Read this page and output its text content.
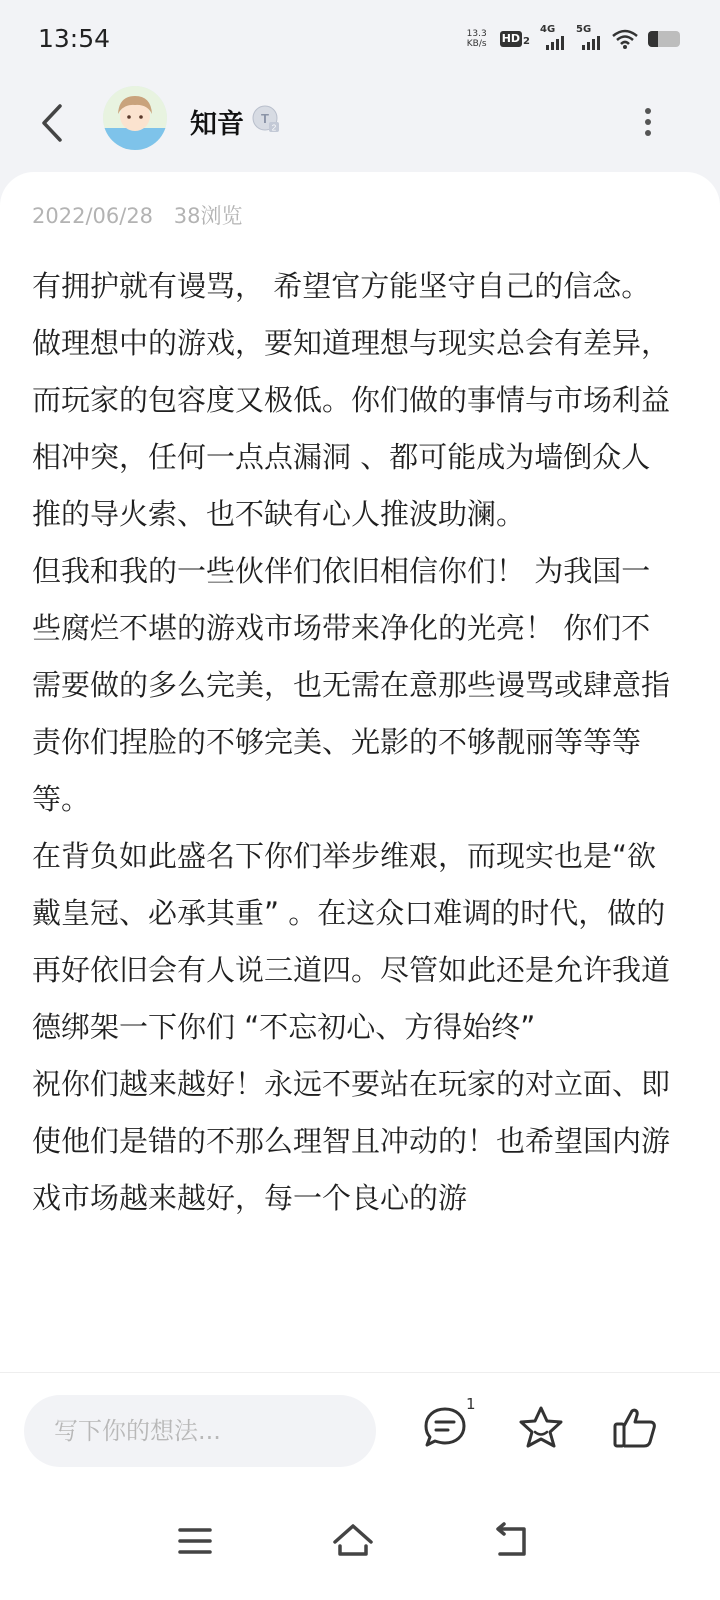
13:54	13.3
KB/s HD 2
4G 5G
知音 T
2
2022/06/28 38浏览

有拥护就有谩骂， 希望官方能坚守自己的信念。

做理想中的游戏，要知道理想与现实总会有差异，而玩家的包容度又极低。你们做的事情与市场利益相冲突，任何一点点漏洞 、都可能成为墙倒众人推的导火索、也不缺有心人推波助澜。

但我和我的一些伙伴们依旧相信你们！ 为我国一些腐烂不堪的游戏市场带来净化的光亮！ 你们不需要做的多么完美，也无需在意那些谩骂或肆意指责你们捏脸的不够完美、光影的不够靓丽等等等等。

在背负如此盛名下你们举步维艰，而现实也是“欲戴皇冠、必承其重” 。在这众口难调的时代，做的再好依旧会有人说三道四。尽管如此还是允许我道德绑架一下你们 “不忘初心、方得始终”

祝你们越来越好！永远不要站在玩家的对立面、即使他们是错的不那么理智且冲动的！也希望国内游戏市场越来越好，每一个良心的游

写下你的想法...
1
